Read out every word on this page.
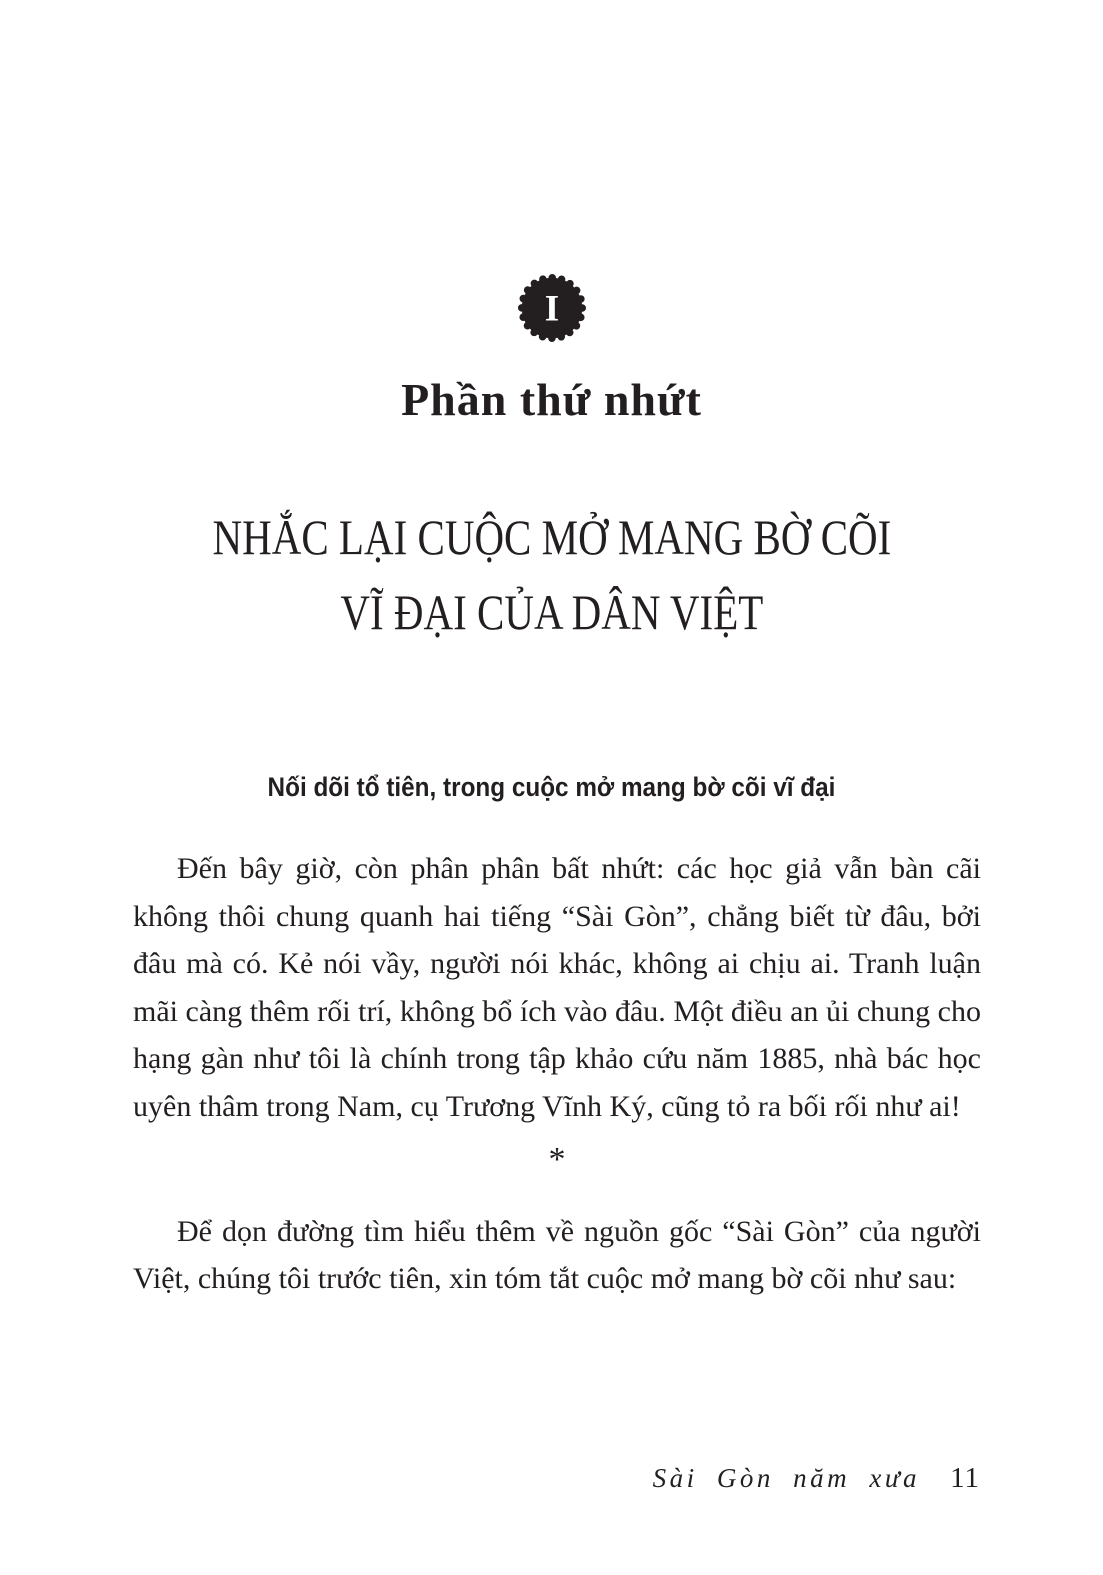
I
Phần thứ nhứt
NHẮC LẠI CUỘC MỞ MANG BỜ CÕI
VĨ ĐẠI CỦA DÂN VIỆT
Nối dõi tổ tiên, trong cuộc mở mang bờ cõi vĩ đại

Đến bây giờ, còn phân phân bất nhứt: các học giả vẫn bàn cãi không thôi chung quanh hai tiếng “Sài Gòn”, chẳng biết từ đâu, bởi đâu mà có. Kẻ nói vầy, người nói khác, không ai chịu ai. Tranh luận mãi càng thêm rối trí, không bổ ích vào đâu. Một điều an ủi chung cho hạng gàn như tôi là chính trong tập khảo cứu năm 1885, nhà bác học uyên thâm trong Nam, cụ Trương Vĩnh Ký, cũng tỏ ra bối rối như ai!

*

Để dọn đường tìm hiểu thêm về nguồn gốc “Sài Gòn” của người Việt, chúng tôi trước tiên, xin tóm tắt cuộc mở mang bờ cõi như sau:

Sài Gòn năm xưa 11
